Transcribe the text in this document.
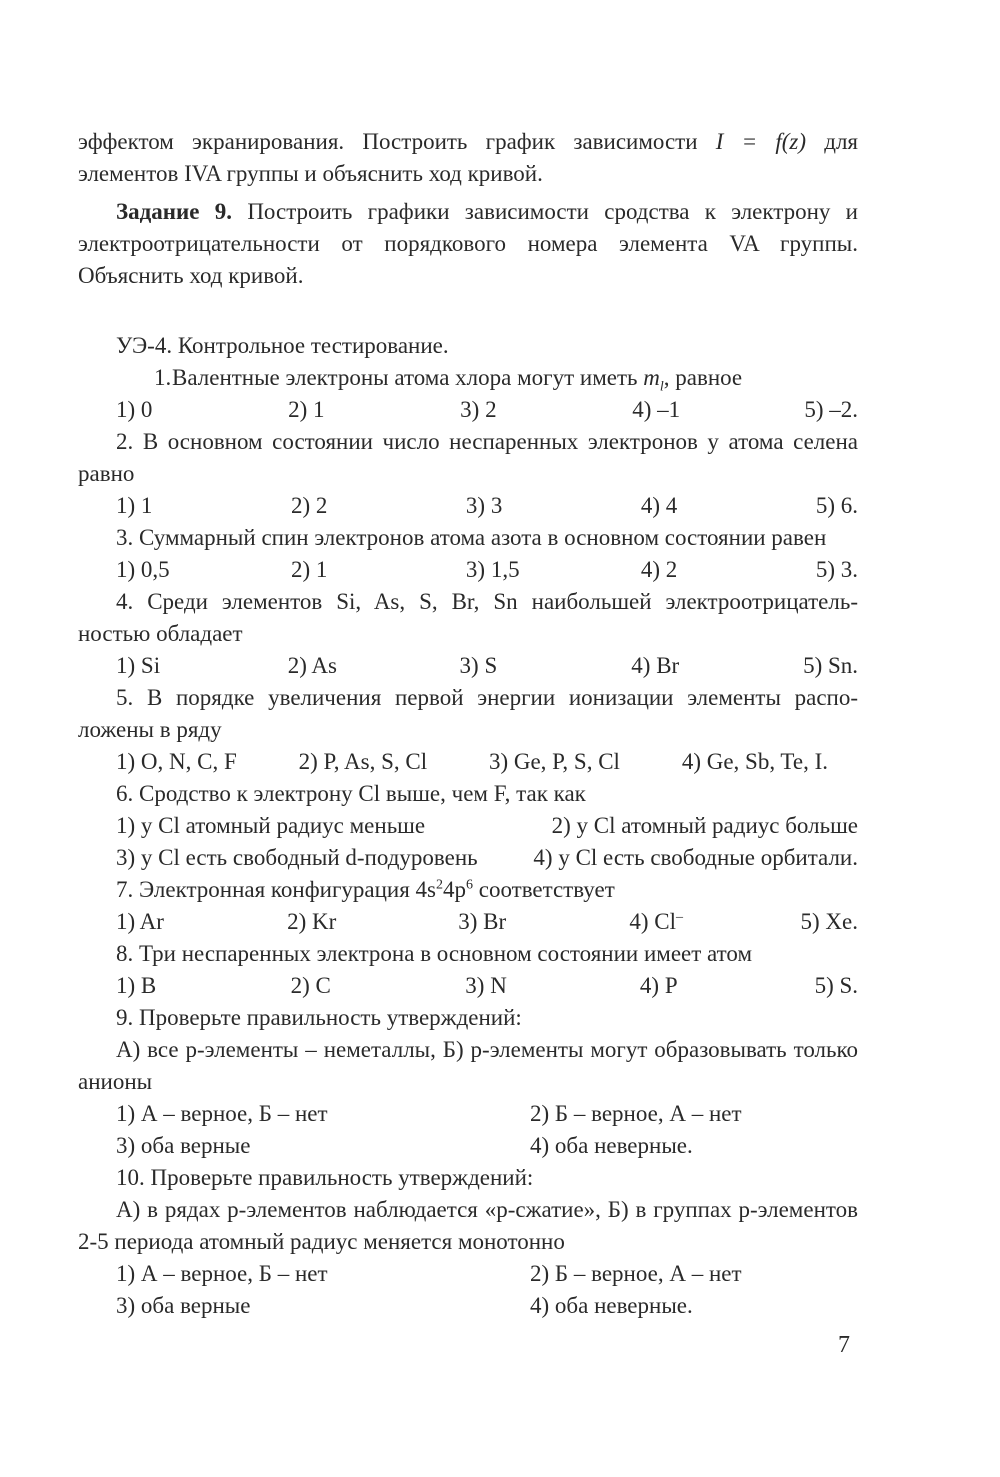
эффектом экранирования. Построить график зависимости I = f(z) для элементов IVA группы и объяснить ход кривой.

Задание 9. Построить графики зависимости сродства к электрону и электроотрицательности от порядкового номера элемента VA группы. Объяснить ход кривой.

УЭ-4. Контрольное тестирование.

1.Валентные электроны атома хлора могут иметь $m_l$, равное

1) 0	2) 1	3) 2	4) –1	5) –2.

2. В основном состоянии число неспаренных электронов у атома селена равно

1) 1	2) 2	3) 3	4) 4	5) 6.

3. Суммарный спин электронов атома азота в основном состоянии равен

1) 0,5	2) 1	3) 1,5	4) 2	5) 3.

4. Среди элементов Si, As, S, Br, Sn наибольшей электроотрицатель-

ностью обладает

1) Si	2) As	3) S	4) Br	5) Sn.

5. В порядке увеличения первой энергии ионизации элементы распо-

ложены в ряду

1) O, N, C, F	2) P, As, S, Cl	3) Ge, P, S, Cl	4) Ge, Sb, Te, I.

6. Сродство к электрону Cl выше, чем F, так как

1) у Cl атомный радиус меньше	2) у Cl атомный радиус больше
3) у Cl есть свободный d-подуровень	4) у Cl есть свободные орбитали.

7. Электронная конфигурация $4s^24p^6$ соответствует

1) Ar	2) Kr	3) Br	4) Cl–	5) Xe.

8. Три неспаренных электрона в основном состоянии имеет атом

1) B	2) C	3) N	4) P	5) S.

9. Проверьте правильность утверждений:

А) все р-элементы – неметаллы, Б) р-элементы могут образовывать только анионы

1) А – верное, Б – нет	2) Б – верное, А – нет
3) оба верные	4) оба неверные.

10. Проверьте правильность утверждений:

А) в рядах р-элементов наблюдается «р-сжатие», Б) в группах р-элементов 2-5 периода атомный радиус меняется монотонно

1) А – верное, Б – нет	2) Б – верное, А – нет
3) оба верные	4) оба неверные.
7
